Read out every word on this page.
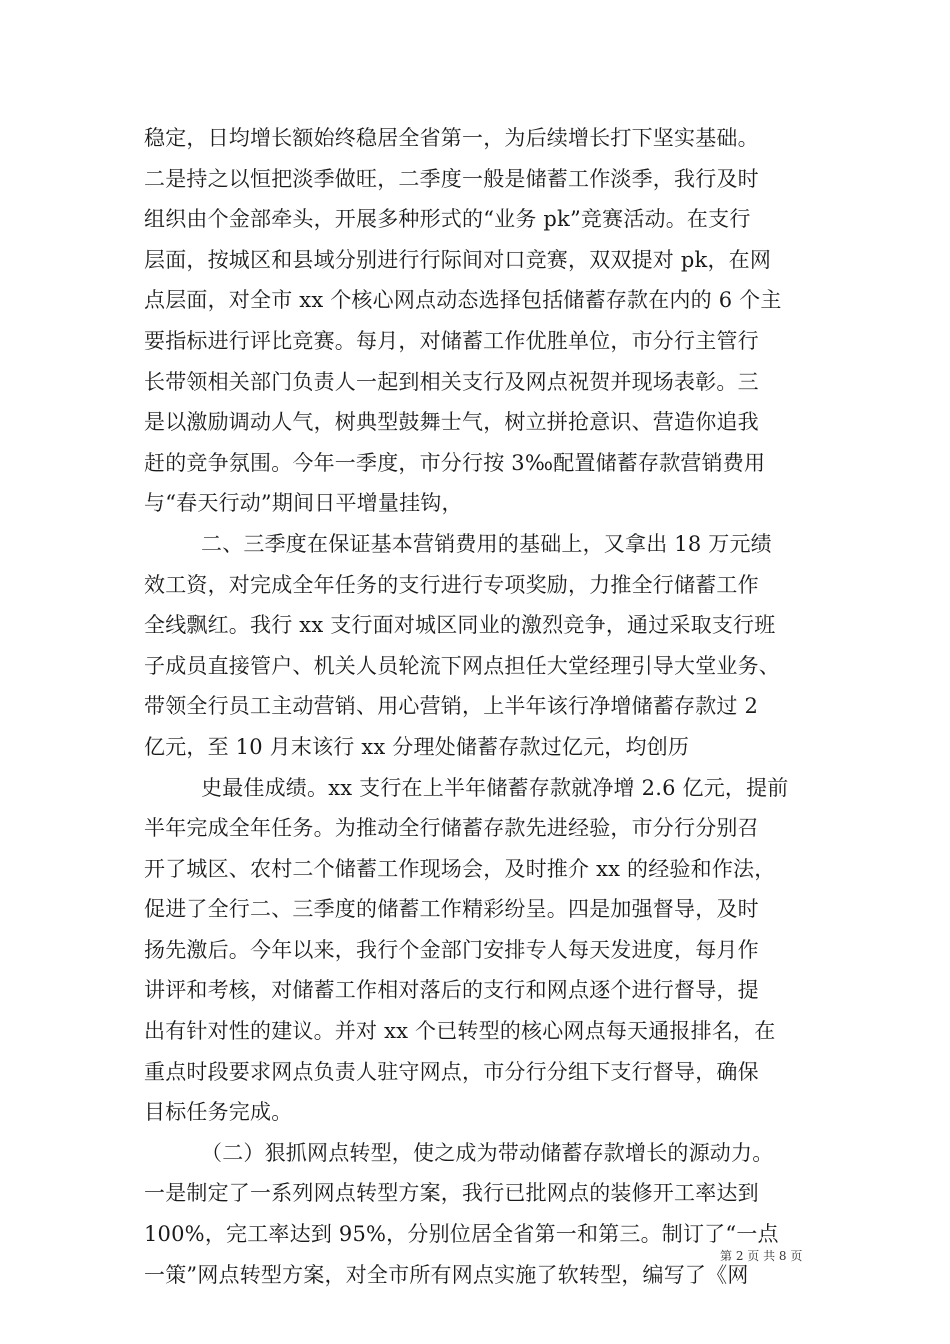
稳定，日均增长额始终稳居全省第一，为后续增长打下坚实基础。
二是持之以恒把淡季做旺，二季度一般是储蓄工作淡季，我行及时
组织由个金部牵头，开展多种形式的“业务 pk”竞赛活动。在支行
层面，按城区和县域分别进行行际间对口竞赛，双双提对 pk，在网
点层面，对全市 xx 个核心网点动态选择包括储蓄存款在内的 6 个主
要指标进行评比竞赛。每月，对储蓄工作优胜单位，市分行主管行
长带领相关部门负责人一起到相关支行及网点祝贺并现场表彰。三
是以激励调动人气，树典型鼓舞士气，树立拼抢意识、营造你追我
赶的竞争氛围。今年一季度，市分行按 3‰配置储蓄存款营销费用
与“春天行动”期间日平增量挂钩，
二、三季度在保证基本营销费用的基础上，又拿出 18 万元绩
效工资，对完成全年任务的支行进行专项奖励，力推全行储蓄工作
全线飘红。我行 xx 支行面对城区同业的激烈竞争，通过采取支行班
子成员直接管户、机关人员轮流下网点担任大堂经理引导大堂业务、
带领全行员工主动营销、用心营销，上半年该行净增储蓄存款过 2
亿元，至 10 月末该行 xx 分理处储蓄存款过亿元，均创历
史最佳成绩。xx 支行在上半年储蓄存款就净增 2.6 亿元，提前
半年完成全年任务。为推动全行储蓄存款先进经验，市分行分别召
开了城区、农村二个储蓄工作现场会，及时推介 xx 的经验和作法，
促进了全行二、三季度的储蓄工作精彩纷呈。四是加强督导，及时
扬先激后。今年以来，我行个金部门安排专人每天发进度，每月作
讲评和考核，对储蓄工作相对落后的支行和网点逐个进行督导，提
出有针对性的建议。并对 xx 个已转型的核心网点每天通报排名，在
重点时段要求网点负责人驻守网点，市分行分组下支行督导，确保
目标任务完成。
（二）狠抓网点转型，使之成为带动储蓄存款增长的源动力。
一是制定了一系列网点转型方案，我行已批网点的装修开工率达到
100%，完工率达到 95%，分别位居全省第一和第三。制订了“一点
一策”网点转型方案，对全市所有网点实施了软转型，编写了《网
第 2 页 共 8 页
